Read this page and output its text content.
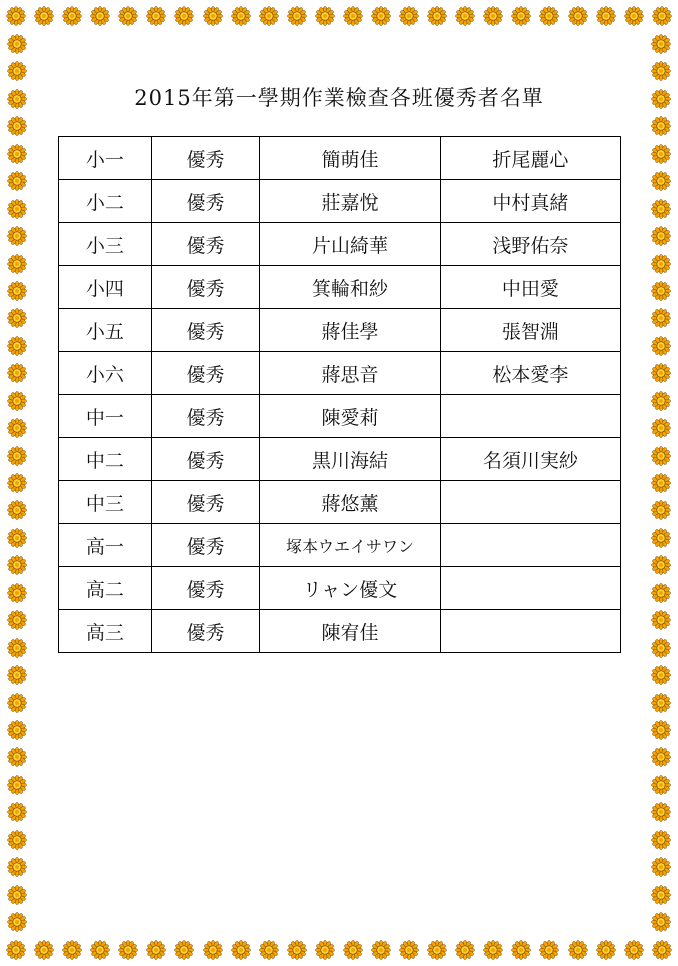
2015年第一學期作業檢查各班優秀者名單
小一	優秀	簡萌佳	折尾麗心
小二	優秀	莊嘉悅	中村真緒
小三	優秀	片山綺華	浅野佑奈
小四	優秀	箕輪和紗	中田愛
小五	優秀	蔣佳學	張智淵
小六	優秀	蔣思音	松本愛李
中一	優秀	陳愛莉	
中二	優秀	黒川海結	名須川実紗
中三	優秀	蔣悠薰	
高一	優秀	塚本ウエイサワン	
高二	優秀	リャン優文	
高三	優秀	陳宥佳	
